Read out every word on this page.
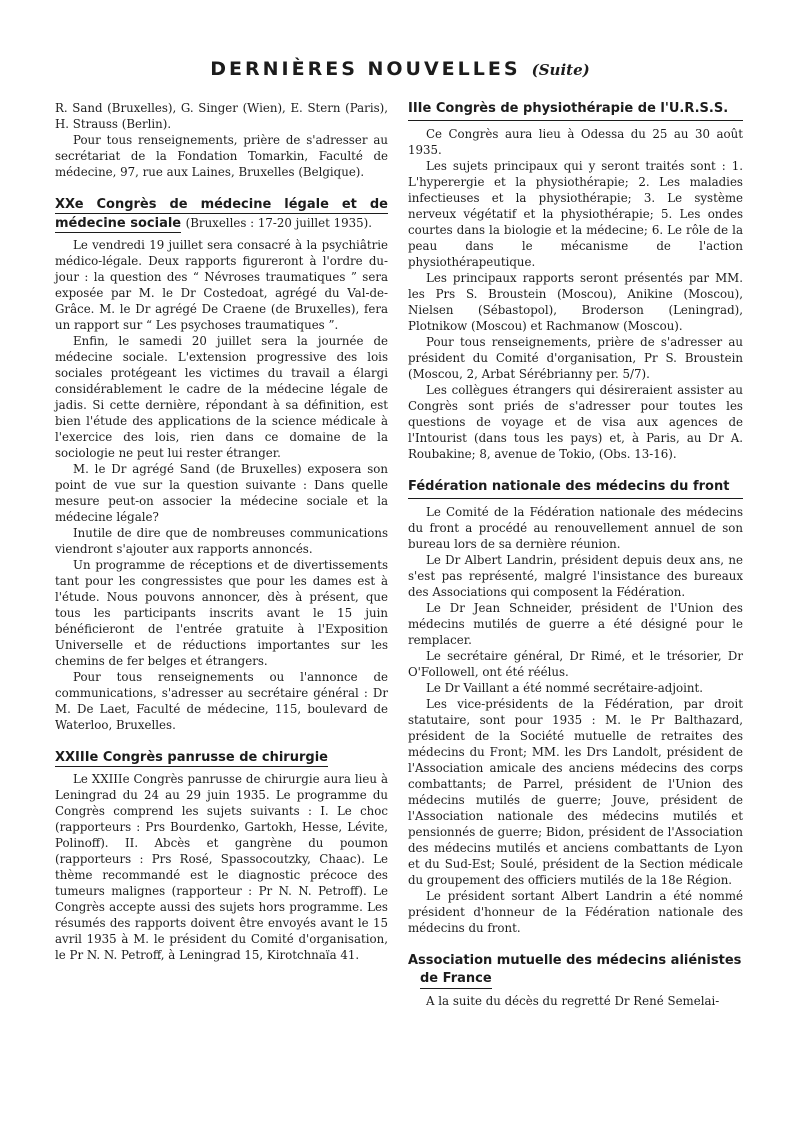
DERNIÈRES NOUVELLES (Suite)

R. Sand (Bruxelles), G. Singer (Wien), E. Stern (Paris), H. Strauss (Berlin).

Pour tous renseignements, prière de s'adresser au secrétariat de la Fondation Tomarkin, Faculté de médecine, 97, rue aux Laines, Bruxelles (Belgique).

XXe Congrès de médecine légale et de médecine sociale (Bruxelles : 17-20 juillet 1935).

Le vendredi 19 juillet sera consacré à la psychiâtrie médico-légale. Deux rapports figureront à l'ordre du-jour : la question des “ Névroses traumatiques ” sera exposée par M. le Dr Costedoat, agrégé du Val-de-Grâce. M. le Dr agrégé De Craene (de Bruxelles), fera un rapport sur “ Les psychoses traumatiques ”.

Enfin, le samedi 20 juillet sera la journée de médecine sociale. L'extension progressive des lois sociales protégeant les victimes du travail a élargi considérablement le cadre de la médecine légale de jadis. Si cette dernière, répondant à sa définition, est bien l'étude des applications de la science médicale à l'exercice des lois, rien dans ce domaine de la sociologie ne peut lui rester étranger.

M. le Dr agrégé Sand (de Bruxelles) exposera son point de vue sur la question suivante : Dans quelle mesure peut-on associer la médecine sociale et la médecine légale?

Inutile de dire que de nombreuses communications viendront s'ajouter aux rapports annoncés.

Un programme de réceptions et de divertissements tant pour les congressistes que pour les dames est à l'étude. Nous pouvons annoncer, dès à présent, que tous les participants inscrits avant le 15 juin bénéficieront de l'entrée gratuite à l'Exposition Universelle et de réductions importantes sur les chemins de fer belges et étrangers.

Pour tous renseignements ou l'annonce de communications, s'adresser au secrétaire général : Dr M. De Laet, Faculté de médecine, 115, boulevard de Waterloo, Bruxelles.

XXIIIe Congrès panrusse de chirurgie

Le XXIIIe Congrès panrusse de chirurgie aura lieu à Leningrad du 24 au 29 juin 1935. Le programme du Congrès comprend les sujets suivants : I. Le choc (rapporteurs : Prs Bourdenko, Gartokh, Hesse, Lévite, Polinoff). II. Abcès et gangrène du poumon (rapporteurs : Prs Rosé, Spassocoutzky, Chaac). Le thème recommandé est le diagnostic précoce des tumeurs malignes (rapporteur : Pr N. N. Petroff). Le Congrès accepte aussi des sujets hors programme. Les résumés des rapports doivent être envoyés avant le 15 avril 1935 à M. le président du Comité d'organisation, le Pr N. N. Petroff, à Leningrad 15, Kirotchnaïa 41.

IIIe Congrès de physiothérapie de l'U.R.S.S.

Ce Congrès aura lieu à Odessa du 25 au 30 août 1935.

Les sujets principaux qui y seront traités sont : 1. L'hyperergie et la physiothérapie; 2. Les maladies infectieuses et la physiothérapie; 3. Le système nerveux végétatif et la physiothérapie; 5. Les ondes courtes dans la biologie et la médecine; 6. Le rôle de la peau dans le mécanisme de l'action physiothérapeutique.

Les principaux rapports seront présentés par MM. les Prs S. Broustein (Moscou), Anikine (Moscou), Nielsen (Sébastopol), Broderson (Leningrad), Plotnikow (Moscou) et Rachmanow (Moscou).

Pour tous renseignements, prière de s'adresser au président du Comité d'organisation, Pr S. Broustein (Moscou, 2, Arbat Sérébrianny per. 5/7).

Les collègues étrangers qui désireraient assister au Congrès sont priés de s'adresser pour toutes les questions de voyage et de visa aux agences de l'Intourist (dans tous les pays) et, à Paris, au Dr A. Roubakine; 8, avenue de Tokio, (Obs. 13-16).

Fédération nationale des médecins du front

Le Comité de la Fédération nationale des médecins du front a procédé au renouvellement annuel de son bureau lors de sa dernière réunion.

Le Dr Albert Landrin, président depuis deux ans, ne s'est pas représenté, malgré l'insistance des bureaux des Associations qui composent la Fédération.

Le Dr Jean Schneider, président de l'Union des médecins mutilés de guerre a été désigné pour le remplacer.

Le secrétaire général, Dr Rimé, et le trésorier, Dr O'Followell, ont été réélus.

Le Dr Vaillant a été nommé secrétaire-adjoint.

Les vice-présidents de la Fédération, par droit statutaire, sont pour 1935 : M. le Pr Balthazard, président de la Société mutuelle de retraites des médecins du Front; MM. les Drs Landolt, président de l'Association amicale des anciens médecins des corps combattants; de Parrel, président de l'Union des médecins mutilés de guerre; Jouve, président de l'Association nationale des médecins mutilés et pensionnés de guerre; Bidon, président de l'Association des médecins mutilés et anciens combattants de Lyon et du Sud-Est; Soulé, président de la Section médicale du groupement des officiers mutilés de la 18e Région.

Le président sortant Albert Landrin a été nommé président d'honneur de la Fédération nationale des médecins du front.

Association mutuelle des médecins aliénistes
de France

A la suite du décès du regretté Dr René Semelai-
